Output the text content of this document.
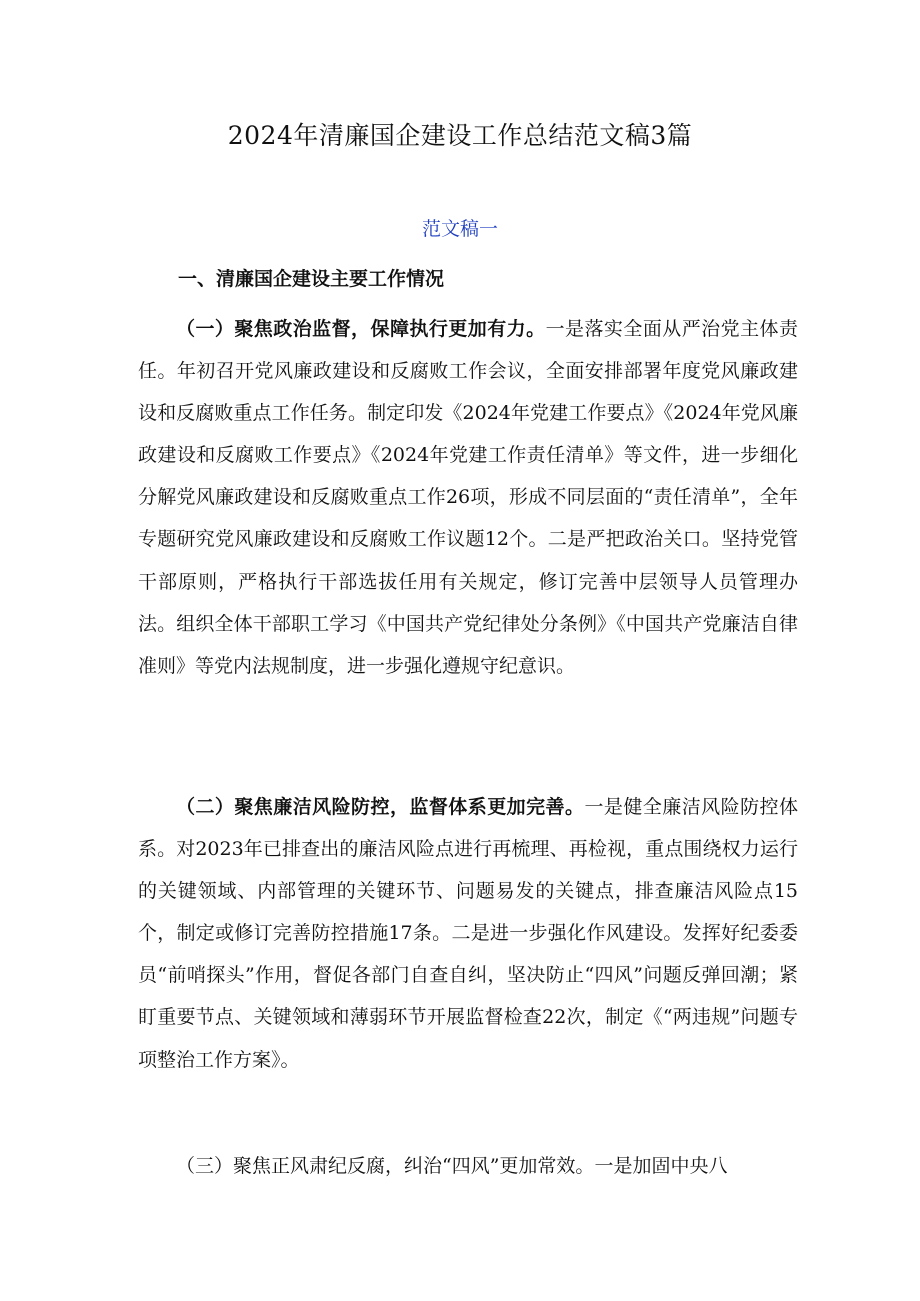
2024年清廉国企建设工作总结范文稿3篇
范文稿一
一、清廉国企建设主要工作情况

（一）聚焦政治监督，保障执行更加有力。一是落实全面从严治党主体责任。年初召开党风廉政建设和反腐败工作会议，全面安排部署年度党风廉政建设和反腐败重点工作任务。制定印发《2024年党建工作要点》《2024年党风廉政建设和反腐败工作要点》《2024年党建工作责任清单》等文件，进一步细化分解党风廉政建设和反腐败重点工作26项，形成不同层面的“责任清单”，全年专题研究党风廉政建设和反腐败工作议题12个。二是严把政治关口。坚持党管干部原则，严格执行干部选拔任用有关规定，修订完善中层领导人员管理办法。组织全体干部职工学习《中国共产党纪律处分条例》《中国共产党廉洁自律准则》等党内法规制度，进一步强化遵规守纪意识。

（二）聚焦廉洁风险防控，监督体系更加完善。一是健全廉洁风险防控体系。对2023年已排查出的廉洁风险点进行再梳理、再检视，重点围绕权力运行的关键领域、内部管理的关键环节、问题易发的关键点，排查廉洁风险点15个，制定或修订完善防控措施17条。二是进一步强化作风建设。发挥好纪委委员“前哨探头”作用，督促各部门自查自纠，坚决防止“四风”问题反弹回潮；紧盯重要节点、关键领域和薄弱环节开展监督检查22次，制定《“两违规”问题专项整治工作方案》。

（三）聚焦正风肃纪反腐，纠治“四风”更加常效。一是加固中央八
